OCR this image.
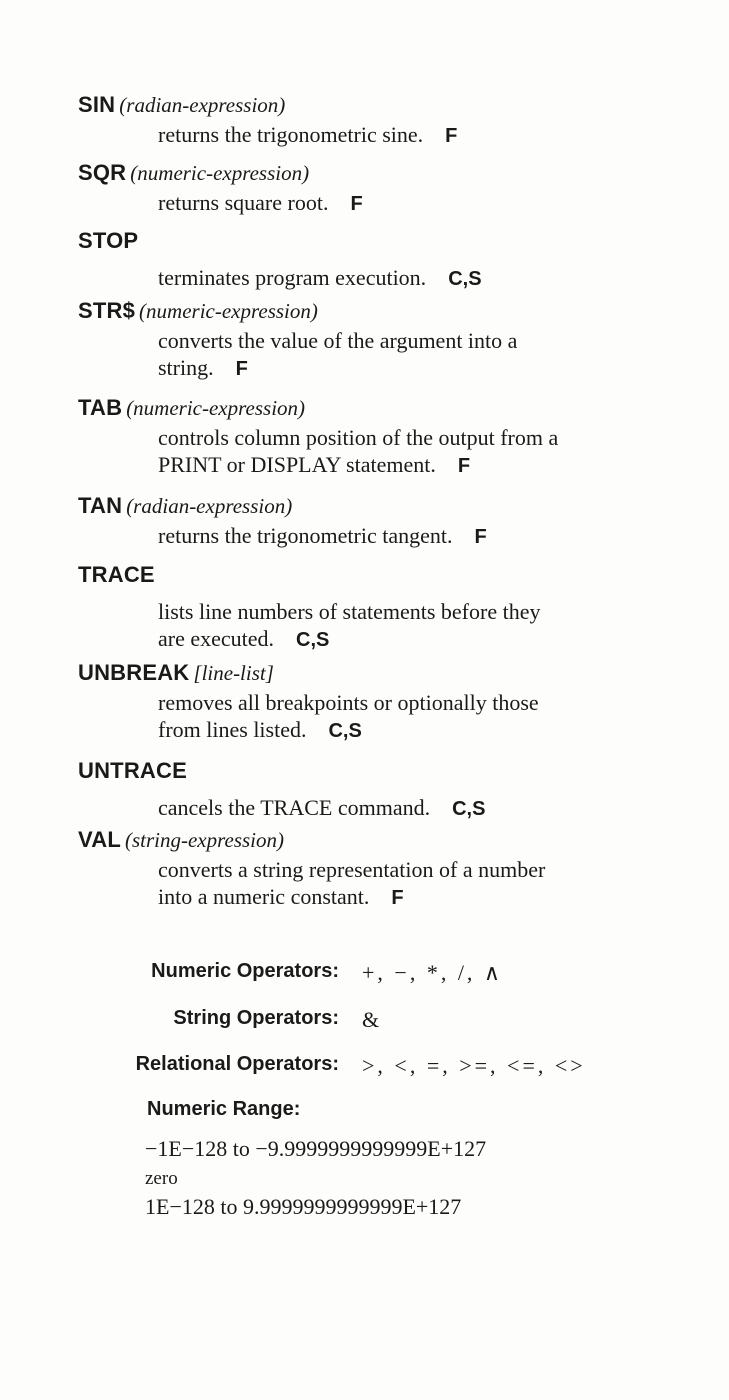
SIN (radian-expression)
returns the trigonometric sine. F
SQR (numeric-expression)
returns square root. F
STOP
terminates program execution. C,S
STR$ (numeric-expression)
converts the value of the argument into a
string. F
TAB (numeric-expression)
controls column position of the output from a
PRINT or DISPLAY statement. F
TAN (radian-expression)
returns the trigonometric tangent. F
TRACE
lists line numbers of statements before they
are executed. C,S
UNBREAK [line-list]
removes all breakpoints or optionally those
from lines listed. C,S
UNTRACE
cancels the TRACE command. C,S
VAL (string-expression)
converts a string representation of a number
into a numeric constant. F
Numeric Operators: +, −, *, /, ∧
String Operators: &
Relational Operators: >, <, =, >=, <=, <>
Numeric Range:
−1E−128 to −9.9999999999999E+127
zero
1E−128 to 9.9999999999999E+127
